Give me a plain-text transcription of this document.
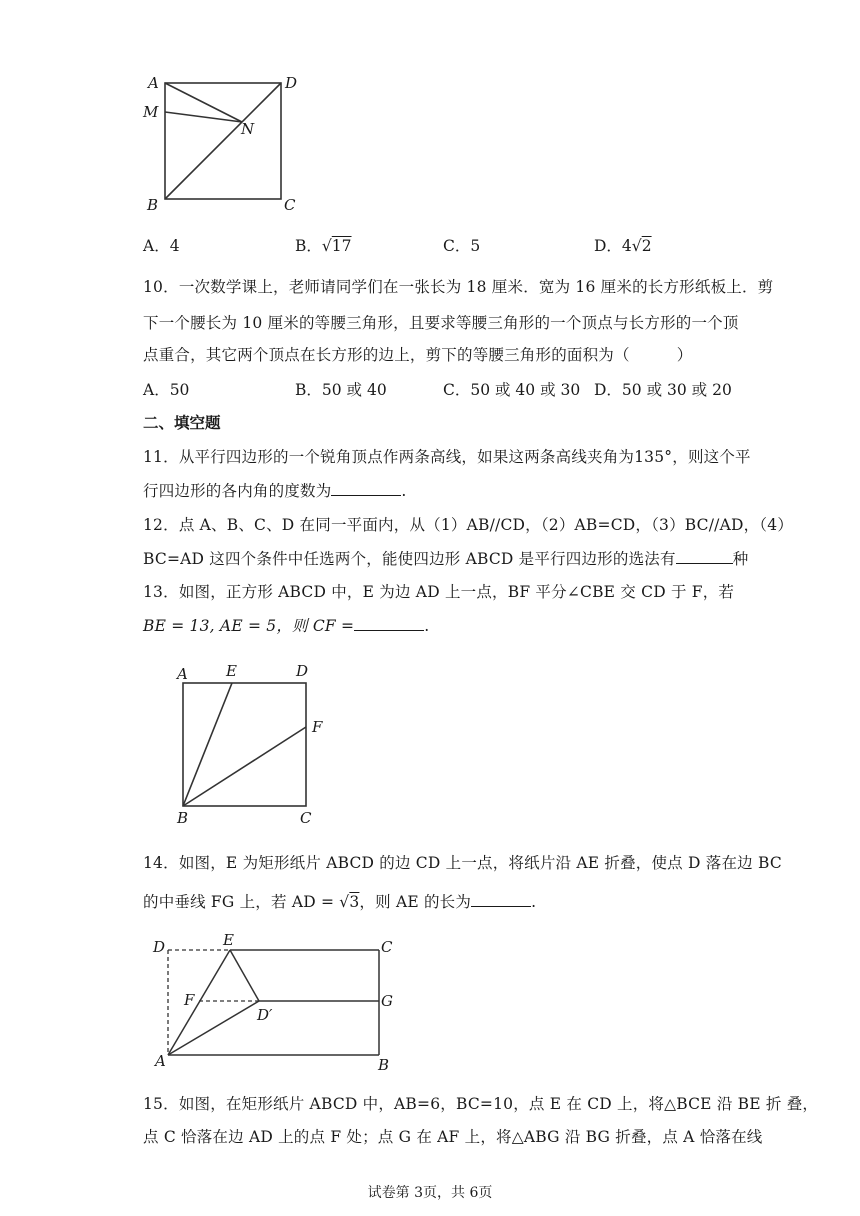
A	D
M
N
B	C
A．4	B．√17	C．5	D．4√2
10．一次数学课上，老师请同学们在一张长为 18 厘米．宽为 16 厘米的长方形纸板上．剪
下一个腰长为 10 厘米的等腰三角形，且要求等腰三角形的一个顶点与长方形的一个顶
点重合，其它两个顶点在长方形的边上，剪下的等腰三角形的面积为（　　　）
A．50	B．50 或 40	C．50 或 40 或 30 D．50 或 30 或 20
二、填空题
11．从平行四边形的一个锐角顶点作两条高线，如果这两条高线夹角为135°，则这个平
行四边形的各内角的度数为	.
12．点 A、B、C、D 在同一平面内，从（1）AB//CD，（2）AB=CD，（3）BC//AD，（4）
BC=AD 这四个条件中任选两个，能使四边形 ABCD 是平行四边形的选法有	种
13．如图，正方形 ABCD 中，E 为边 AD 上一点，BF 平分∠CBE 交 CD 于 F，若
BE = 13, AE = 5，则 CF =	.
A	E	D
F
B	C
14．如图，E 为矩形纸片 ABCD 的边 CD 上一点，将纸片沿 AE 折叠，使点 D 落在边 BC
的中垂线 FG 上，若 AD = √3，则 AE 的长为	.
D	E	C
F	G
D′
A	B
15．如图，在矩形纸片 ABCD 中，AB=6，BC=10，点 E 在 CD 上，将△BCE 沿 BE 折 叠，
点 C 恰落在边 AD 上的点 F 处；点 G 在 AF 上，将△ABG 沿 BG 折叠，点 A 恰落在线
试卷第 3页，共 6页
